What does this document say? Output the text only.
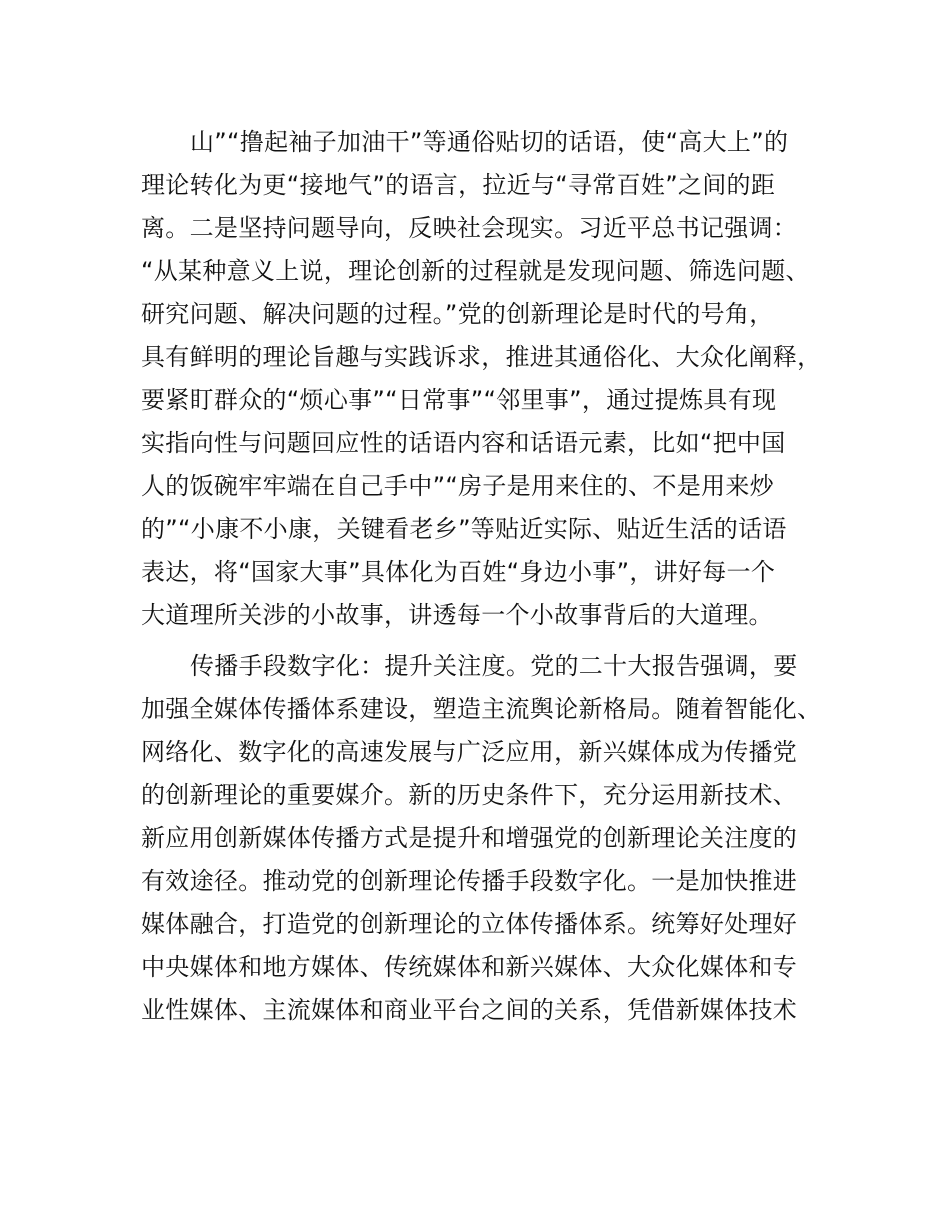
山”“撸起袖子加油干”等通俗贴切的话语，使“高大上”的
理论转化为更“接地气”的语言，拉近与“寻常百姓”之间的距
离。二是坚持问题导向，反映社会现实。习近平总书记强调：
“从某种意义上说，理论创新的过程就是发现问题、筛选问题、
研究问题、解决问题的过程。”党的创新理论是时代的号角，
具有鲜明的理论旨趣与实践诉求，推进其通俗化、大众化阐释，
要紧盯群众的“烦心事”“日常事”“邻里事”，通过提炼具有现
实指向性与问题回应性的话语内容和话语元素，比如“把中国
人的饭碗牢牢端在自己手中”“房子是用来住的、不是用来炒
的”“小康不小康，关键看老乡”等贴近实际、贴近生活的话语
表达，将“国家大事”具体化为百姓“身边小事”，讲好每一个
大道理所关涉的小故事，讲透每一个小故事背后的大道理。
传播手段数字化：提升关注度。党的二十大报告强调，要
加强全媒体传播体系建设，塑造主流舆论新格局。随着智能化、
网络化、数字化的高速发展与广泛应用，新兴媒体成为传播党
的创新理论的重要媒介。新的历史条件下，充分运用新技术、
新应用创新媒体传播方式是提升和增强党的创新理论关注度的
有效途径。推动党的创新理论传播手段数字化。一是加快推进
媒体融合，打造党的创新理论的立体传播体系。统筹好处理好
中央媒体和地方媒体、传统媒体和新兴媒体、大众化媒体和专
业性媒体、主流媒体和商业平台之间的关系，凭借新媒体技术
